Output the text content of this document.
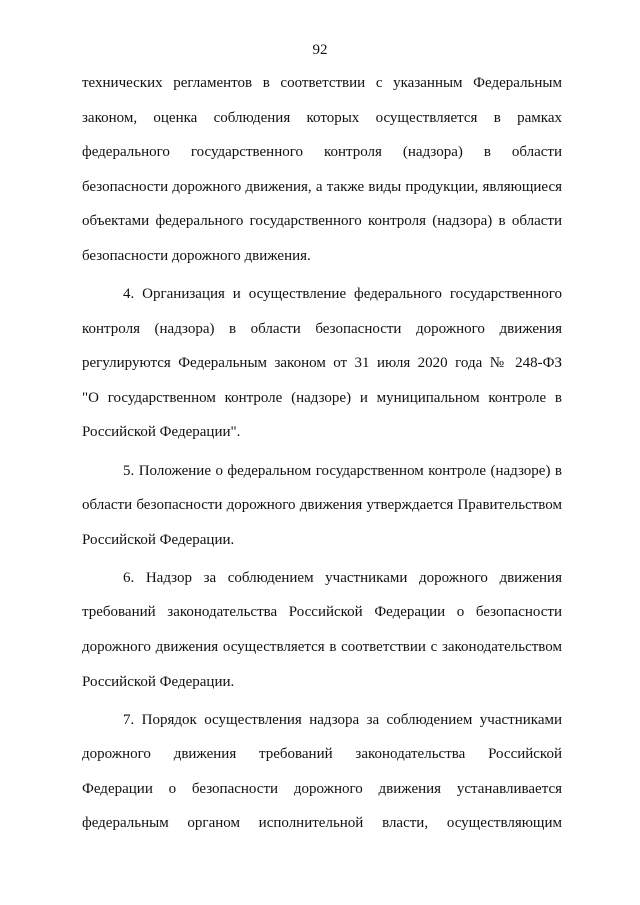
92
технических регламентов в соответствии с указанным Федеральным
законом, оценка соблюдения которых осуществляется в рамках
федерального государственного контроля (надзора) в области
безопасности дорожного движения, а также виды продукции, являющиеся
объектами федерального государственного контроля (надзора) в области
безопасности дорожного движения.
4. Организация и осуществление федерального государственного
контроля (надзора) в области безопасности дорожного движения
регулируются Федеральным законом от 31 июля 2020 года № 248-ФЗ
"О государственном контроле (надзоре) и муниципальном контроле в
Российской Федерации".
5. Положение о федеральном государственном контроле (надзоре) в
области безопасности дорожного движения утверждается Правительством
Российской Федерации.
6. Надзор за соблюдением участниками дорожного движения
требований законодательства Российской Федерации о безопасности
дорожного движения осуществляется в соответствии с законодательством
Российской Федерации.
7. Порядок осуществления надзора за соблюдением участниками
дорожного движения требований законодательства Российской
Федерации о безопасности дорожного движения устанавливается
федеральным органом исполнительной власти, осуществляющим
